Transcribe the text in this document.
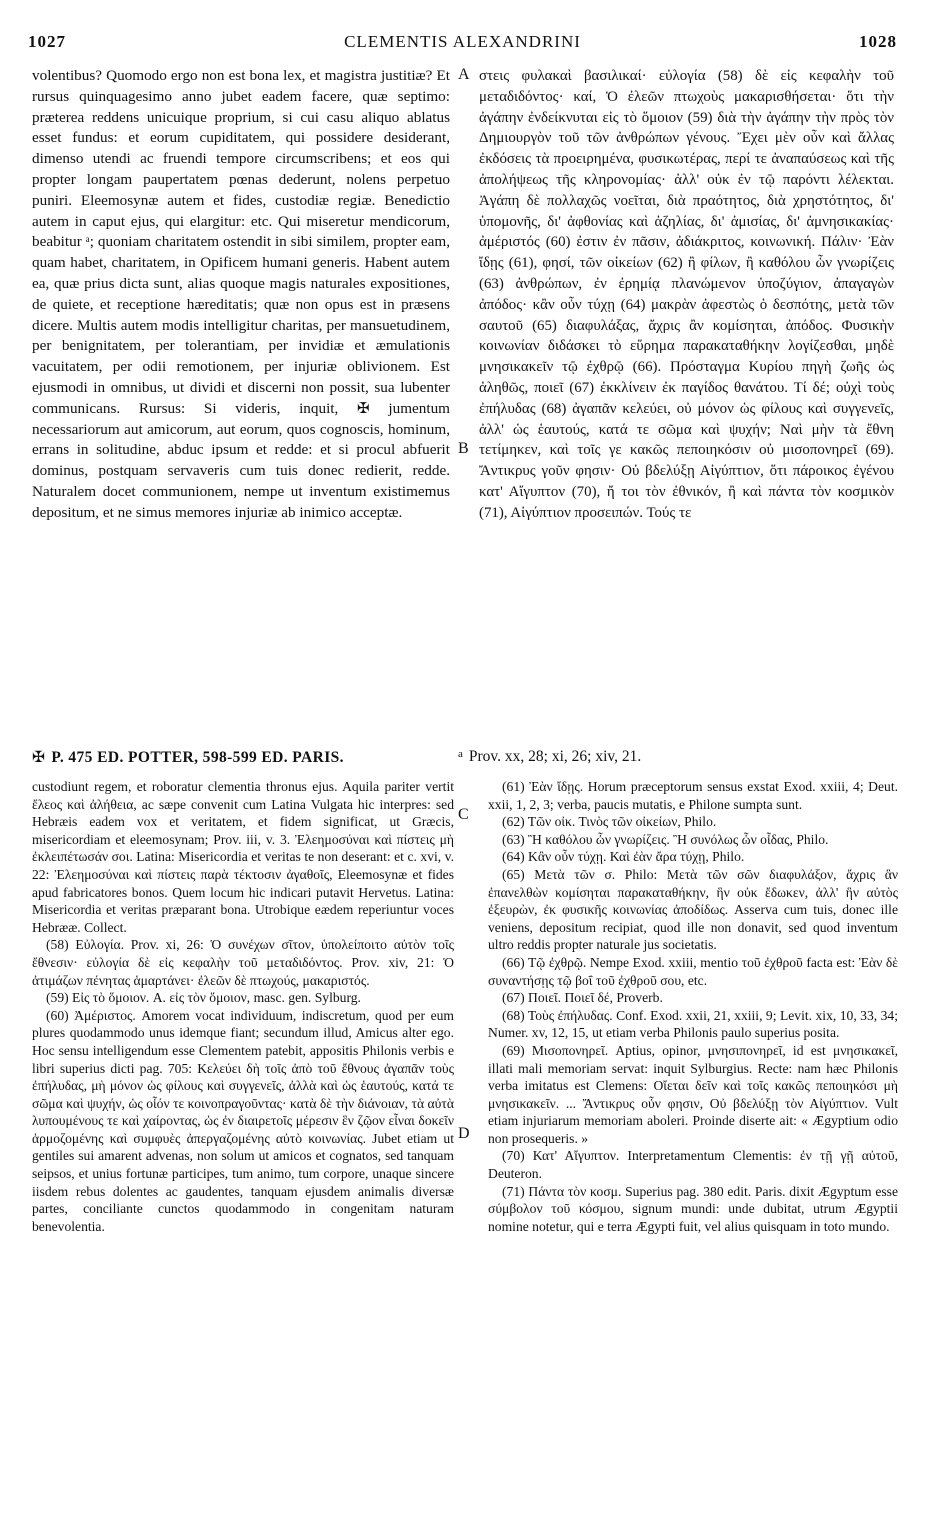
1027	CLEMENTIS ALEXANDRINI	1028

volentibus? Quomodo ergo non est bona lex, et magistra justitiæ? Et rursus quinquagesimo anno jubet eadem facere, quæ septimo: præterea reddens unicuique proprium, si cui casu aliquo ablatus esset fundus: et eorum cupiditatem, qui possidere desiderant, dimenso utendi ac fruendi tempore circumscribens; et eos qui propter longam paupertatem pœnas dederunt, nolens perpetuo puniri. Eleemosynæ autem et fides, custodiæ regiæ. Benedictio autem in caput ejus, qui elargitur: etc. Qui miseretur mendicorum, beabitur ᵃ; quoniam charitatem ostendit in sibi similem, propter eam, quam habet, charitatem, in Opificem humani generis. Habent autem ea, quæ prius dicta sunt, alias quoque magis naturales expositiones, de quiete, et receptione hæreditatis; quæ non opus est in præsens dicere. Multis autem modis intelligitur charitas, per mansuetudinem, per benignitatem, per tolerantiam, per invidiæ et æmulationis vacuitatem, per odii remotionem, per injuriæ oblivionem. Est ejusmodi in omnibus, ut dividi et discerni non possit, sua lubenter communicans. Rursus: Si videris, inquit, ✠ jumentum necessariorum aut amicorum, aut eorum, quos cognoscis, hominum, errans in solitudine, abduc ipsum et redde: et si procul abfuerit dominus, postquam servaveris cum tuis donec redierit, redde. Naturalem docet communionem, nempe ut inventum existimemus depositum, et ne simus memores injuriæ ab inimico acceptæ.

A
B
C
D

στεις φυλακαὶ βασιλικαί· εὐλογία (58) δὲ εἰς κεφαλὴν τοῦ μεταδιδόντος· καί, Ὁ ἐλεῶν πτωχοὺς μακαρισθήσεται· ὅτι τὴν ἀγάπην ἐνδείκνυται εἰς τὸ ὅμοιον (59) διὰ τὴν ἀγάπην τὴν πρὸς τὸν Δημιουργὸν τοῦ τῶν ἀνθρώπων γένους. Ἔχει μὲν οὖν καὶ ἄλλας ἐκδόσεις τὰ προειρημένα, φυσικωτέρας, περί τε ἀναπαύσεως καὶ τῆς ἀπολήψεως τῆς κληρονομίας· ἀλλ' οὐκ ἐν τῷ παρόντι λέλεκται. Ἀγάπη δὲ πολλαχῶς νοεῖται, διὰ πραότητος, διὰ χρηστότητος, δι' ὑπομονῆς, δι' ἀφθονίας καὶ ἀζηλίας, δι' ἀμισίας, δι' ἀμνησικακίας· ἀμέριστός (60) ἐστιν ἐν πᾶσιν, ἀδιάκριτος, κοινωνική. Πάλιν· Ἐὰν ἴδῃς (61), φησί, τῶν οἰκείων (62) ἢ φίλων, ἢ καθόλου ὧν γνωρίζεις (63) ἀνθρώπων, ἐν ἐρημίᾳ πλανώμενον ὑποζύγιον, ἀπαγαγὼν ἀπόδος· κἂν οὖν τύχῃ (64) μακρὰν ἀφεστὼς ὁ δεσπότης, μετὰ τῶν σαυτοῦ (65) διαφυλάξας, ἄχρις ἂν κομίσηται, ἀπόδος. Φυσικὴν κοινωνίαν διδάσκει τὸ εὕρημα παρακαταθήκην λογίζεσθαι, μηδὲ μνησικακεῖν τῷ ἐχθρῷ (66). Πρόσταγμα Κυρίου πηγὴ ζωῆς ὡς ἀληθῶς, ποιεῖ (67) ἐκκλίνειν ἐκ παγίδος θανάτου. Τί δέ; οὐχὶ τοὺς ἐπήλυδας (68) ἀγαπᾶν κελεύει, οὐ μόνον ὡς φίλους καὶ συγγενεῖς, ἀλλ' ὡς ἑαυτούς, κατά τε σῶμα καὶ ψυχήν; Ναὶ μὴν τὰ ἔθνη τετίμηκεν, καὶ τοῖς γε κακῶς πεποιηκόσιν οὐ μισοπονηρεῖ (69). Ἄντικρυς γοῦν φησιν· Οὐ βδελύξῃ Αἰγύπτιον, ὅτι πάροικος ἐγένου κατ' Αἴγυπτον (70), ἤ τοι τὸν ἐθνικόν, ἢ καὶ πάντα τὸν κοσμικὸν (71), Αἰγύπτιον προσειπών. Τούς τε

✠ P. 475 ED. POTTER, 598-599 ED. PARIS.	$^a$ Prov. xx, 28; xi, 26; xiv, 21.

custodiunt regem, et roboratur clementia thronus ejus. Aquila pariter vertit ἔλεος καὶ ἀλήθεια, ac sæpe convenit cum Latina Vulgata hic interpres: sed Hebræis eadem vox et veritatem, et fidem significat, ut Græcis, misericordiam et eleemosynam; Prov. iii, v. 3. Ἐλεημοσύναι καὶ πίστεις μὴ ἐκλειπέτωσάν σοι. Latina: Misericordia et veritas te non deserant: et c. xvi, v. 22: Ἐλεημοσύναι καὶ πίστεις παρὰ τέκτοσιν ἀγαθοῖς, Eleemosynæ et fides apud fabricatores bonos. Quem locum hic indicari putavit Hervetus. Latina: Misericordia et veritas præparant bona. Utrobique eædem reperiuntur voces Hebrææ. Collect.

(58) Εὐλογία. Prov. xi, 26: Ὁ συνέχων σῖτον, ὑπολείποιτο αὐτὸν τοῖς ἔθνεσιν· εὐλογία δὲ εἰς κεφαλὴν τοῦ μεταδιδόντος. Prov. xiv, 21: Ὁ ἀτιμάζων πένητας ἁμαρτάνει· ἐλεῶν δὲ πτωχούς, μακαριστός.

(59) Εἰς τὸ ὅμοιον. A. εἰς τὸν ὅμοιον, masc. gen. Sylburg.

(60) Ἀμέριστος. Amorem vocat individuum, indiscretum, quod per eum plures quodammodo unus idemque fiant; secundum illud, Amicus alter ego. Hoc sensu intelligendum esse Clementem patebit, appositis Philonis verbis e libri superius dicti pag. 705: Κελεύει δὴ τοῖς ἀπὸ τοῦ ἔθνους ἀγαπᾶν τοὺς ἐπήλυδας, μὴ μόνον ὡς φίλους καὶ συγγενεῖς, ἀλλὰ καὶ ὡς ἑαυτούς, κατά τε σῶμα καὶ ψυχήν, ὡς οἷόν τε κοινοπραγοῦντας· κατὰ δὲ τὴν διάνοιαν, τὰ αὐτὰ λυπουμένους τε καὶ χαίροντας, ὡς ἐν διαιρετοῖς μέρεσιν ἓν ζῷον εἶναι δοκεῖν ἁρμοζομένης καὶ συμφυὲς ἀπεργαζομένης αὐτὸ κοινωνίας. Jubet etiam ut gentiles sui amarent advenas, non solum ut amicos et cognatos, sed tanquam seipsos, et unius fortunæ participes, tum animo, tum corpore, unaque sincere iisdem rebus dolentes ac gaudentes, tanquam ejusdem animalis diversæ partes, conciliante cunctos quodammodo in congenitam naturam benevolentia.

(61) Ἐὰν ἴδῃς. Horum præceptorum sensus exstat Exod. xxiii, 4; Deut. xxii, 1, 2, 3; verba, paucis mutatis, e Philone sumpta sunt.

(62) Τῶν οἰκ. Τινὸς τῶν οἰκείων, Philo.

(63) Ἢ καθόλου ὧν γνωρίζεις. Ἢ συνόλως ὧν οἶδας, Philo.

(64) Κἂν οὖν τύχῃ. Καὶ ἐὰν ἄρα τύχῃ, Philo.

(65) Μετὰ τῶν σ. Philo: Μετὰ τῶν σῶν διαφυλάξον, ἄχρις ἂν ἐπανελθὼν κομίσηται παρακαταθήκην, ἣν οὐκ ἔδωκεν, ἀλλ' ἣν αὐτὸς ἐξευρὼν, ἐκ φυσικῆς κοινωνίας ἀποδίδως. Asserva cum tuis, donec ille veniens, depositum recipiat, quod ille non donavit, sed quod inventum ultro reddis propter naturale jus societatis.

(66) Τῷ ἐχθρῷ. Nempe Exod. xxiii, mentio τοῦ ἐχθροῦ facta est: Ἐὰν δὲ συναντήσῃς τῷ βοΐ τοῦ ἐχθροῦ σου, etc.

(67) Ποιεῖ. Ποιεῖ δέ, Proverb.

(68) Τοὺς ἐπήλυδας. Conf. Exod. xxii, 21, xxiii, 9; Levit. xix, 10, 33, 34; Numer. xv, 12, 15, ut etiam verba Philonis paulo superius posita.

(69) Μισοπονηρεῖ. Aptius, opinor, μνησιπονηρεῖ, id est μνησικακεῖ, illati mali memoriam servat: inquit Sylburgius. Recte: nam hæc Philonis verba imitatus est Clemens: Οἴεται δεῖν καὶ τοῖς κακῶς πεποιηκόσι μὴ μνησικακεῖν. ... Ἄντικρυς οὖν φησιν, Οὐ βδελύξῃ τὸν Αἰγύπτιον. Vult etiam injuriarum memoriam aboleri. Proinde diserte ait: « Ægyptium odio non prosequeris. »

(70) Κατ' Αἴγυπτον. Interpretamentum Clementis: ἐν τῇ γῇ αὐτοῦ, Deuteron.

(71) Πάντα τὸν κοσμ. Superius pag. 380 edit. Paris. dixit Ægyptum esse σύμβολον τοῦ κόσμου, signum mundi: unde dubitat, utrum Ægyptii nomine notetur, qui e terra Ægypti fuit, vel alius quisquam in toto mundo.
